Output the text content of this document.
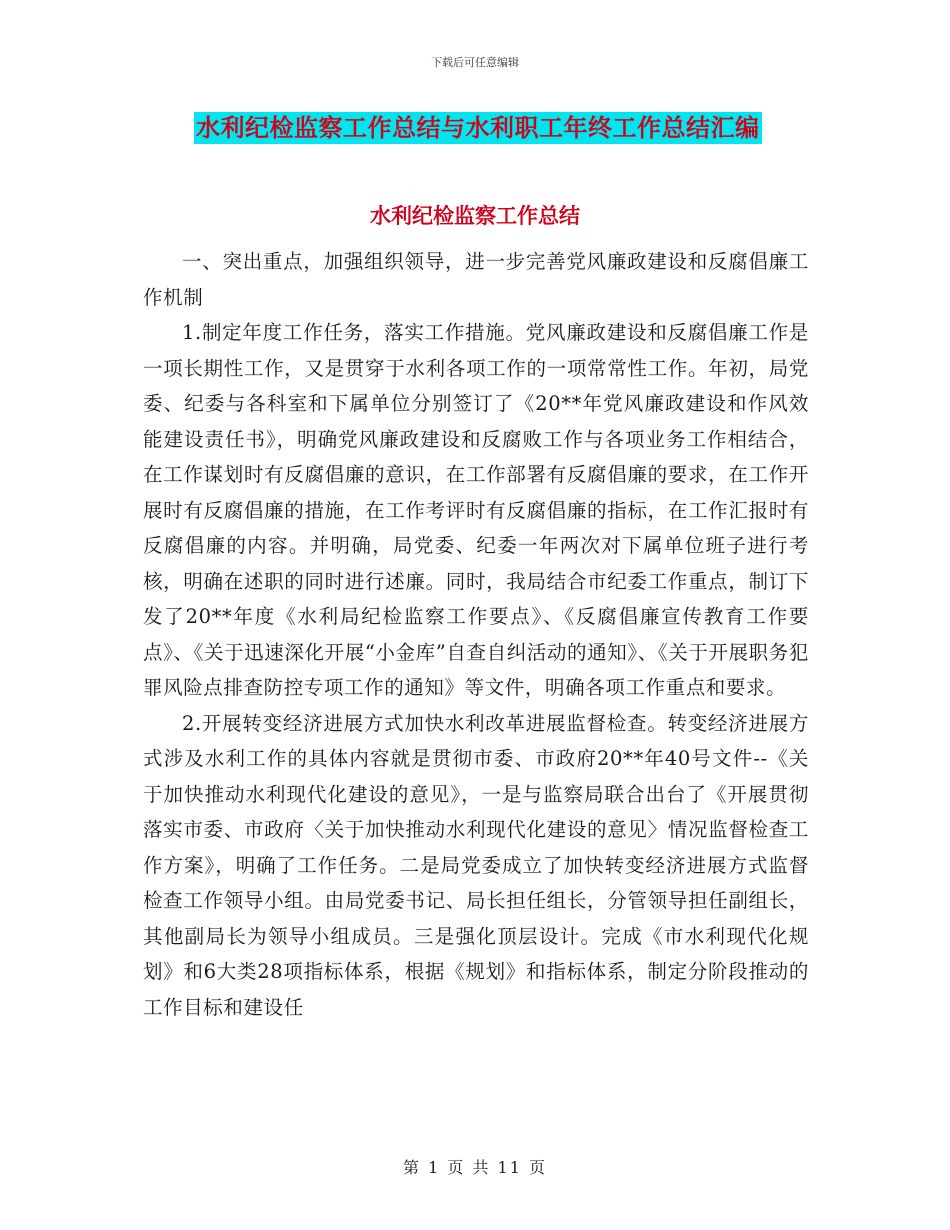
下载后可任意编辑
水利纪检监察工作总结与水利职工年终工作总结汇编
水利纪检监察工作总结

一、突出重点，加强组织领导，进一步完善党风廉政建设和反腐倡廉工作机制

1.制定年度工作任务，落实工作措施。党风廉政建设和反腐倡廉工作是一项长期性工作，又是贯穿于水利各项工作的一项常常性工作。年初，局党委、纪委与各科室和下属单位分别签订了《20**年党风廉政建设和作风效能建设责任书》，明确党风廉政建设和反腐败工作与各项业务工作相结合，在工作谋划时有反腐倡廉的意识，在工作部署有反腐倡廉的要求，在工作开展时有反腐倡廉的措施，在工作考评时有反腐倡廉的指标，在工作汇报时有反腐倡廉的内容。并明确，局党委、纪委一年两次对下属单位班子进行考核，明确在述职的同时进行述廉。同时，我局结合市纪委工作重点，制订下发了20**年度《水利局纪检监察工作要点》、《反腐倡廉宣传教育工作要点》、《关于迅速深化开展“小金库”自查自纠活动的通知》、《关于开展职务犯罪风险点排查防控专项工作的通知》等文件，明确各项工作重点和要求。

2.开展转变经济进展方式加快水利改革进展监督检查。转变经济进展方式涉及水利工作的具体内容就是贯彻市委、市政府20**年40号文件--《关于加快推动水利现代化建设的意见》，一是与监察局联合出台了《开展贯彻落实市委、市政府〈关于加快推动水利现代化建设的意见〉情况监督检查工作方案》，明确了工作任务。二是局党委成立了加快转变经济进展方式监督检查工作领导小组。由局党委书记、局长担任组长，分管领导担任副组长，其他副局长为领导小组成员。三是强化顶层设计。完成《市水利现代化规划》和6大类28项指标体系，根据《规划》和指标体系，制定分阶段推动的工作目标和建设任

第 1 页 共 11 页
